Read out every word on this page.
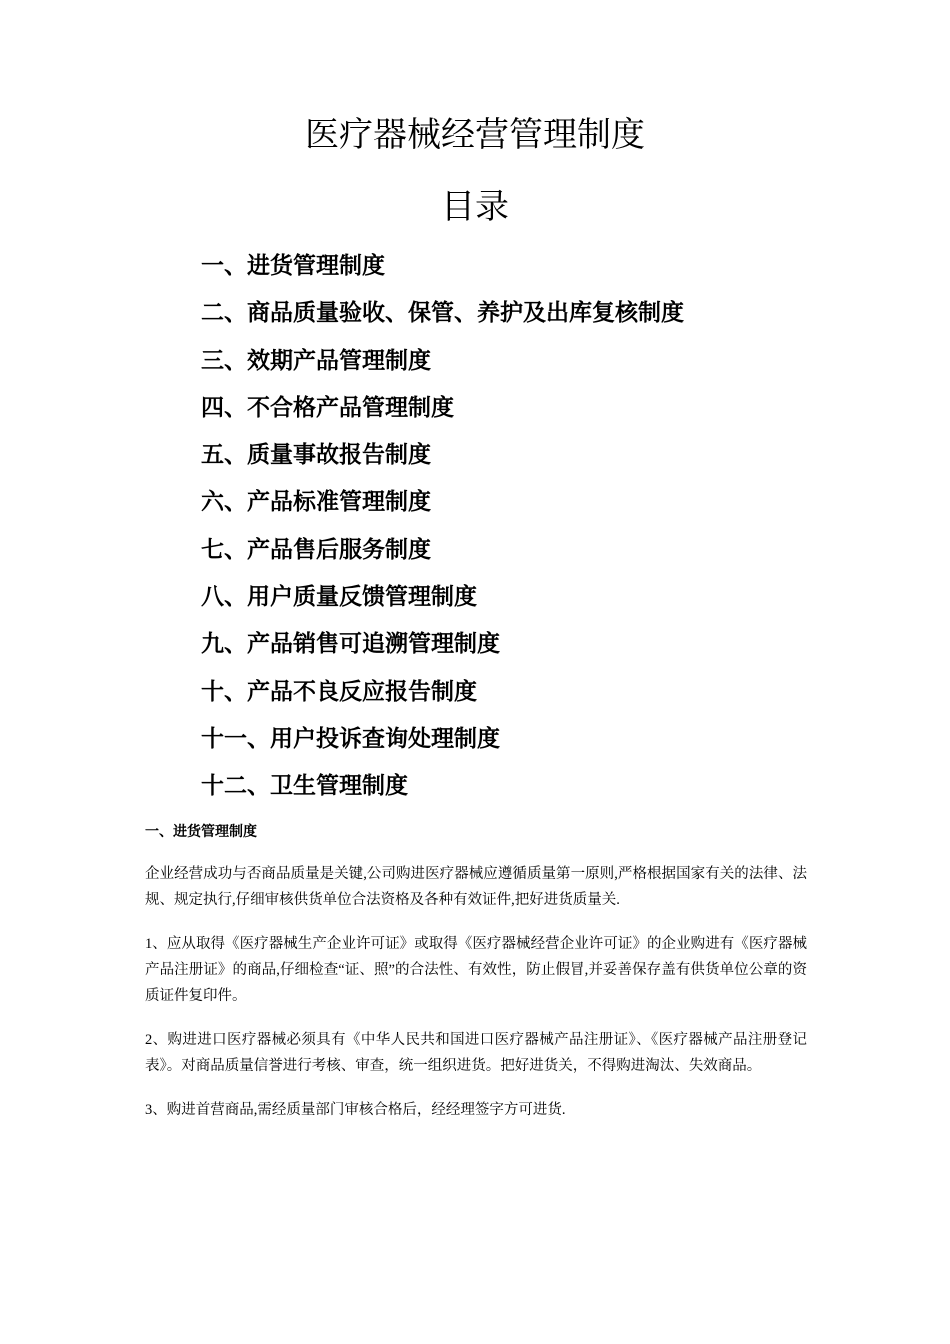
医疗器械经营管理制度
目录
一、进货管理制度
二、商品质量验收、保管、养护及出库复核制度
三、效期产品管理制度
四、不合格产品管理制度
五、质量事故报告制度
六、产品标准管理制度
七、产品售后服务制度
八、用户质量反馈管理制度
九、产品销售可追溯管理制度
十、产品不良反应报告制度
十一、用户投诉查询处理制度
十二、卫生管理制度
一、进货管理制度

企业经营成功与否商品质量是关键,公司购进医疗器械应遵循质量第一原则,严格根据国家有关的法律、法规、规定执行,仔细审核供货单位合法资格及各种有效证件,把好进货质量关.

1、应从取得《医疗器械生产企业许可证》或取得《医疗器械经营企业许可证》的企业购进有《医疗器械产品注册证》的商品,仔细检查“证、照”的合法性、有效性，防止假冒,并妥善保存盖有供货单位公章的资质证件复印件。

2、购进进口医疗器械必须具有《中华人民共和国进口医疗器械产品注册证》、《医疗器械产品注册登记表》。对商品质量信誉进行考核、审查，统一组织进货。把好进货关，不得购进淘汰、失效商品。

3、购进首营商品,需经质量部门审核合格后，经经理签字方可进货.
